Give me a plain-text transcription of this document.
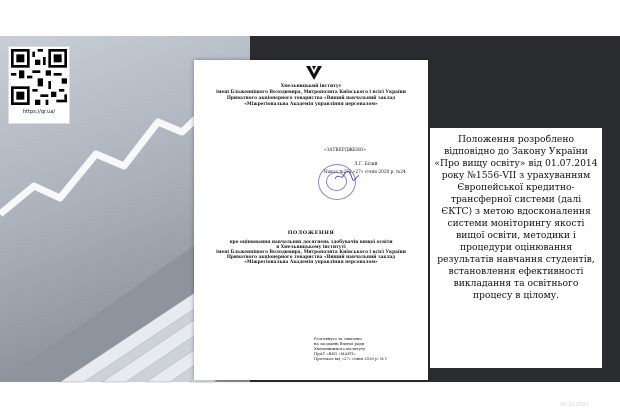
https://qr.ua/
Хмельницький інститут
імені Блаженнішого Володимира, Митрополита Київського і всієї України
Приватного акціонерного товариства «Вищий навчальний заклад
«Міжрегіональна Академія управління персоналом»
«ЗАТВЕРДЖЕНО»
Л.Г. Білий
Наказ №27а «27» січня 2020 р. №24
ПОЛОЖЕННЯ
про оцінювання навчальних досягнень здобувачів вищої освіти
в Хмельницькому інституті
імені Блаженнішого Володимира, Митрополита Київського і всієї України
Приватного акціонерного товариства «Вищий навчальний заклад
«Міжрегіональна Академія управління персоналом»
Розглянуто та схвалено
на засіданні Вченої ради
Хмельницького інституту
ПрАТ «ВНЗ «МАУП»
Протокол від «27» січня 2020 р. № 1

Положення розроблено відповідно до Закону України «Про вищу освіту» від 01.07.2014 року №1556-VII з урахуванням Європейської кредитно-трансферної системи (далі ЄКТС) з метою вдосконалення системи моніторингу якості вищої освіти, методики і процедури оцінювання результатів навчання студентів, встановлення ефективності викладання та освітнього процесу в цілому.

05.10.2021
